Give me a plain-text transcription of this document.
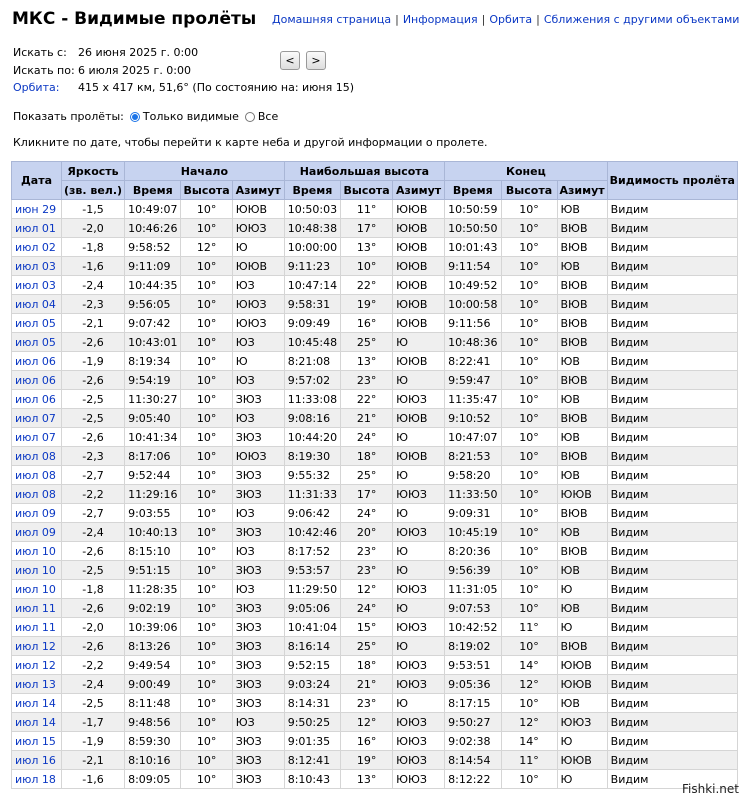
МКС - Видимые пролёты Домашняя страница | Информация | Орбита | Сближения с другими объектами
Искать с: 26 июня 2025 г. 0:00
Искать по: 6 июля 2025 г. 0:00
Орбита: 415 x 417 км, 51,6° (По состоянию на: июня 15)
<	>
Показать пролёты: Только видимые Все
Кликните по дате, чтобы перейти к карте неба и другой информации о пролете.
Дата	Яркость	Начало			Наибольшая высота			Конец			Видимость пролёта
	(зв. вел.)	Время	Высота	Азимут	Время	Высота	Азимут	Время	Высота	Азимут	
июн 29	-1,5	10:49:07	10°	ЮЮВ	10:50:03	11°	ЮЮВ	10:50:59	10°	ЮВ	Видим
июл 01	-2,0	10:46:26	10°	ЮЮЗ	10:48:38	17°	ЮЮВ	10:50:50	10°	ВЮВ	Видим
июл 02	-1,8	9:58:52	12°	Ю	10:00:00	13°	ЮЮВ	10:01:43	10°	ВЮВ	Видим
июл 03	-1,6	9:11:09	10°	ЮЮВ	9:11:23	10°	ЮЮВ	9:11:54	10°	ЮВ	Видим
июл 03	-2,4	10:44:35	10°	ЮЗ	10:47:14	22°	ЮЮВ	10:49:52	10°	ВЮВ	Видим
июл 04	-2,3	9:56:05	10°	ЮЮЗ	9:58:31	19°	ЮЮВ	10:00:58	10°	ВЮВ	Видим
июл 05	-2,1	9:07:42	10°	ЮЮЗ	9:09:49	16°	ЮЮВ	9:11:56	10°	ВЮВ	Видим
июл 05	-2,6	10:43:01	10°	ЮЗ	10:45:48	25°	Ю	10:48:36	10°	ВЮВ	Видим
июл 06	-1,9	8:19:34	10°	Ю	8:21:08	13°	ЮЮВ	8:22:41	10°	ЮВ	Видим
июл 06	-2,6	9:54:19	10°	ЮЗ	9:57:02	23°	Ю	9:59:47	10°	ВЮВ	Видим
июл 06	-2,5	11:30:27	10°	ЗЮЗ	11:33:08	22°	ЮЮЗ	11:35:47	10°	ЮВ	Видим
июл 07	-2,5	9:05:40	10°	ЮЗ	9:08:16	21°	ЮЮВ	9:10:52	10°	ВЮВ	Видим
июл 07	-2,6	10:41:34	10°	ЗЮЗ	10:44:20	24°	Ю	10:47:07	10°	ЮВ	Видим
июл 08	-2,3	8:17:06	10°	ЮЮЗ	8:19:30	18°	ЮЮВ	8:21:53	10°	ВЮВ	Видим
июл 08	-2,7	9:52:44	10°	ЗЮЗ	9:55:32	25°	Ю	9:58:20	10°	ЮВ	Видим
июл 08	-2,2	11:29:16	10°	ЗЮЗ	11:31:33	17°	ЮЮЗ	11:33:50	10°	ЮЮВ	Видим
июл 09	-2,7	9:03:55	10°	ЮЗ	9:06:42	24°	Ю	9:09:31	10°	ВЮВ	Видим
июл 09	-2,4	10:40:13	10°	ЗЮЗ	10:42:46	20°	ЮЮЗ	10:45:19	10°	ЮВ	Видим
июл 10	-2,6	8:15:10	10°	ЮЗ	8:17:52	23°	Ю	8:20:36	10°	ВЮВ	Видим
июл 10	-2,5	9:51:15	10°	ЗЮЗ	9:53:57	23°	Ю	9:56:39	10°	ЮВ	Видим
июл 10	-1,8	11:28:35	10°	ЮЗ	11:29:50	12°	ЮЮЗ	11:31:05	10°	Ю	Видим
июл 11	-2,6	9:02:19	10°	ЗЮЗ	9:05:06	24°	Ю	9:07:53	10°	ЮВ	Видим
июл 11	-2,0	10:39:06	10°	ЗЮЗ	10:41:04	15°	ЮЮЗ	10:42:52	11°	Ю	Видим
июл 12	-2,6	8:13:26	10°	ЗЮЗ	8:16:14	25°	Ю	8:19:02	10°	ВЮВ	Видим
июл 12	-2,2	9:49:54	10°	ЗЮЗ	9:52:15	18°	ЮЮЗ	9:53:51	14°	ЮЮВ	Видим
июл 13	-2,4	9:00:49	10°	ЗЮЗ	9:03:24	21°	ЮЮЗ	9:05:36	12°	ЮЮВ	Видим
июл 14	-2,5	8:11:48	10°	ЗЮЗ	8:14:31	23°	Ю	8:17:15	10°	ЮВ	Видим
июл 14	-1,7	9:48:56	10°	ЮЗ	9:50:25	12°	ЮЮЗ	9:50:27	12°	ЮЮЗ	Видим
июл 15	-1,9	8:59:30	10°	ЗЮЗ	9:01:35	16°	ЮЮЗ	9:02:38	14°	Ю	Видим
июл 16	-2,1	8:10:16	10°	ЗЮЗ	8:12:41	19°	ЮЮЗ	8:14:54	11°	ЮЮВ	Видим
июл 18	-1,6	8:09:05	10°	ЗЮЗ	8:10:43	13°	ЮЮЗ	8:12:22	10°	Ю	Видим
Fishki.net
